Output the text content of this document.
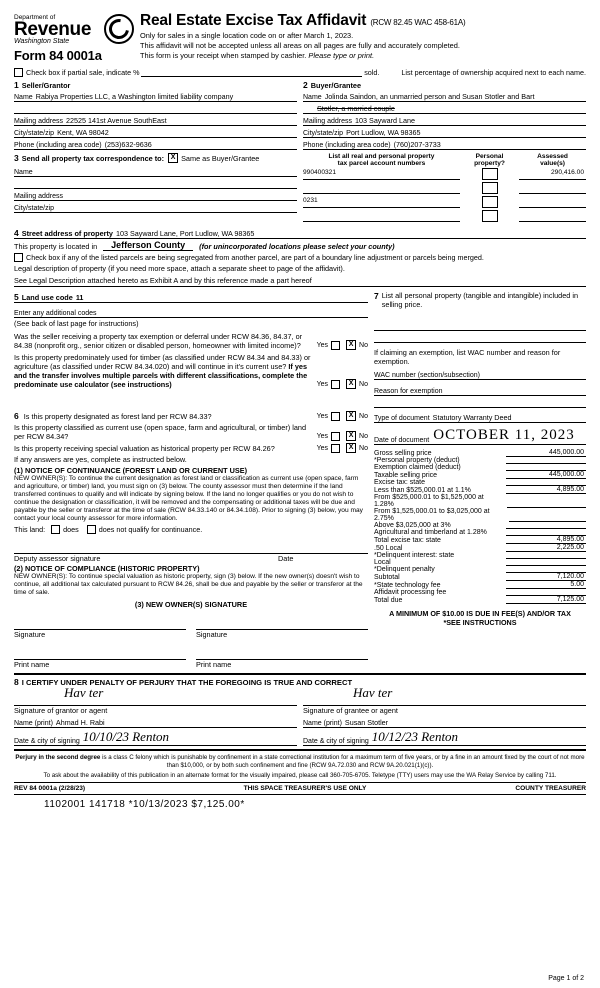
Department of
Revenue
Washington State
Form 84 0001a
Real Estate Excise Tax Affidavit (RCW 82.45 WAC 458-61A)
Only for sales in a single location code on or after March 1, 2023.
This affidavit will not be accepted unless all areas on all pages are fully and accurately completed.
This form is your receipt when stamped by cashier. Please type or print.
Check box if partial sale, indicate %	sold.	List percentage of ownership acquired next to each name.
1 Seller/Grantor
Name Rabiya Properties LLC, a Washington limited liability company
Mailing address 22525 141st Avenue SouthEast
City/state/zip Kent, WA 98042
Phone (including area code) (253)632-9636
2 Buyer/Grantee
Name Jolinda Saindon, an unmarried person and Susan Stotler and Bart
Stotler, a married couple
Mailing address 103 Sayward Lane
City/state/zip Port Ludlow, WA 98365
Phone (including area code) (760)207-3733
3 Send all property tax correspondence to: X Same as Buyer/Grantee
Name
Mailing address
City/state/zip
List all real and personal property
tax parcel account numbers

Personal
property?

Assessed
value(s)

990400321		290,416.00

0231		

4 Street address of property 103 Sayward Lane, Port Ludlow, WA 98365
This property is located in	Jefferson County	(for unincorporated locations please select your county)
Check box if any of the listed parcels are being segregated from another parcel, are part of a boundary line adjustment or parcels being merged.
Legal description of property (if you need more space, attach a separate sheet to page of the affidavit).
See Legal Description attached hereto as Exhibit A and by this reference made a part hereof
5 Land use code 11
Enter any additional codes
(See back of last page for instructions)
Was the seller receiving a property tax exemption or deferral under RCW 84.36, 84.37, or 84.38 (nonprofit org., senior citizen or disabled person, homeowner with limited income)?	Yes	X No
Is this property predominately used for timber (as classified under RCW 84.34 and 84.33) or agriculture (as classified under RCW 84.34.020) and will continue in it's current use? If yes and the transfer involves multiple parcels with different classifications, complete the predominate use calculator (see instructions)	Yes	X No
7 List all personal property (tangible and intangible) included in selling price.
If claiming an exemption, list WAC number and reason for exemption.
WAC number (section/subsection)
Reason for exemption
6 Is this property designated as forest land per RCW 84.33?	Yes	X No
Is this property classified as current use (open space, farm and agricultural, or timber) land per RCW 84.34?	Yes	X No
Is this property receiving special valuation as historical property per RCW 84.26?	Yes	X No
If any answers are yes, complete as instructed below.
(1) NOTICE OF CONTINUANCE (FOREST LAND OR CURRENT USE)
NEW OWNER(S): To continue the current designation as forest land or classification as current use (open space, farm and agriculture, or timber) land, you must sign on (3) below. The county assessor must then determine if the land transferred continues to qualify and will indicate by signing below. If the land no longer qualifies or you do not wish to continue the designation or classification, it will be removed and the compensating or additional taxes will be due and payable by the seller or transferor at the time of sale (RCW 84.33.140 or 84.34.108). Prior to signing (3) below, you may contact your local county assessor for more information.
This land:	does	does not qualify for continuance.
Deputy assessor signature	Date
(2) NOTICE OF COMPLIANCE (HISTORIC PROPERTY)
NEW OWNER(S): To continue special valuation as historic property, sign (3) below. If the new owner(s) doesn't wish to continue, all additional tax calculated pursuant to RCW 84.26, shall be due and payable by the seller or transferor at the time of sale.
(3) NEW OWNER(S) SIGNATURE
Signature	Signature
Print name	Print name
Type of document Statutory Warranty Deed
Date of document OCTOBER 11, 2023
Gross selling price	445,000.00
*Personal property (deduct)
Exemption claimed (deduct)
Taxable selling price	445,000.00
Excise tax: state
Less than $525,000.01 at 1.1%	4,895.00
From $525,000.01 to $1,525,000 at 1.28%
From $1,525,000.01 to $3,025,000 at 2.75%
Above $3,025,000 at 3%
Agricultural and timberland at 1.28%
Total excise tax: state	4,895.00
.50 Local	2,225.00
*Delinquent interest: state
Local
*Delinquent penalty
Subtotal	7,120.00
*State technology fee	5.00
Affidavit processing fee
Total due	7,125.00
A MINIMUM OF $10.00 IS DUE IN FEE(S) AND/OR TAX
*SEE INSTRUCTIONS
8 I CERTIFY UNDER PENALTY OF PERJURY THAT THE FOREGOING IS TRUE AND CORRECT
Hav ter
Signature of grantor or agent
Name (print) Ahmad H. Rabi
Date & city of signing 10/10/23 Renton
Hav ter
Signature of grantee or agent
Name (print) Susan Stotler
Date & city of signing 10/12/23 Renton
Perjury in the second degree is a class C felony which is punishable by confinement in a state correctional institution for a maximum term of five years, or by a fine in an amount fixed by the court of not more than $10,000, or by both such confinement and fine (RCW 9A.72.030 and RCW 9A.20.021(1)(c)).
To ask about the availability of this publication in an alternate format for the visually impaired, please call 360-705-6705. Teletype (TTY) users may use the WA Relay Service by calling 711.
REV 84 0001a (2/28/23)	THIS SPACE TREASURER'S USE ONLY	COUNTY TREASURER
1102001 141718 *10/13/2023 $7,125.00*
Page 1 of 2
